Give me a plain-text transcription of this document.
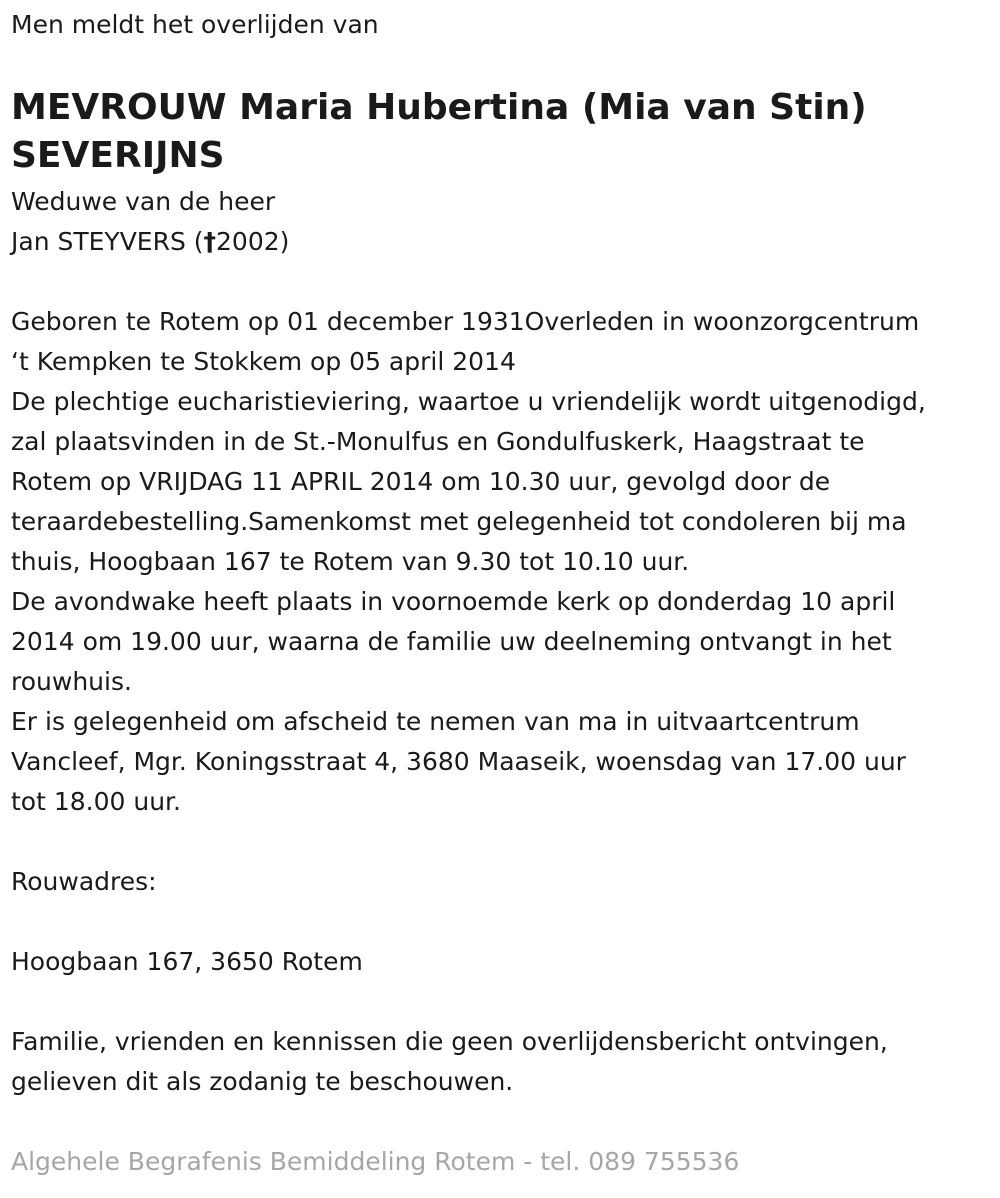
Men meldt het overlijden van
MEVROUW Maria Hubertina (Mia van Stin)
SEVERIJNS
Weduwe van de heer
Jan STEYVERS (†2002)

Geboren te Rotem op 01 december 1931Overleden in woonzorgcentrum

‘t Kempken te Stokkem op 05 april 2014

De plechtige eucharistieviering, waartoe u vriendelijk wordt uitgenodigd,

zal plaatsvinden in de St.-Monulfus en Gondulfuskerk, Haagstraat te

Rotem op VRIJDAG 11 APRIL 2014 om 10.30 uur, gevolgd door de

teraardebestelling.Samenkomst met gelegenheid tot condoleren bij ma

thuis, Hoogbaan 167 te Rotem van 9.30 tot 10.10 uur.

De avondwake heeft plaats in voornoemde kerk op donderdag 10 april

2014 om 19.00 uur, waarna de familie uw deelneming ontvangt in het

rouwhuis.

Er is gelegenheid om afscheid te nemen van ma in uitvaartcentrum

Vancleef, Mgr. Koningsstraat 4, 3680 Maaseik, woensdag van 17.00 uur

tot 18.00 uur.

Rouwadres:

Hoogbaan 167, 3650 Rotem

Familie, vrienden en kennissen die geen overlijdensbericht ontvingen,

gelieven dit als zodanig te beschouwen.

Algehele Begrafenis Bemiddeling Rotem - tel. 089 755536
